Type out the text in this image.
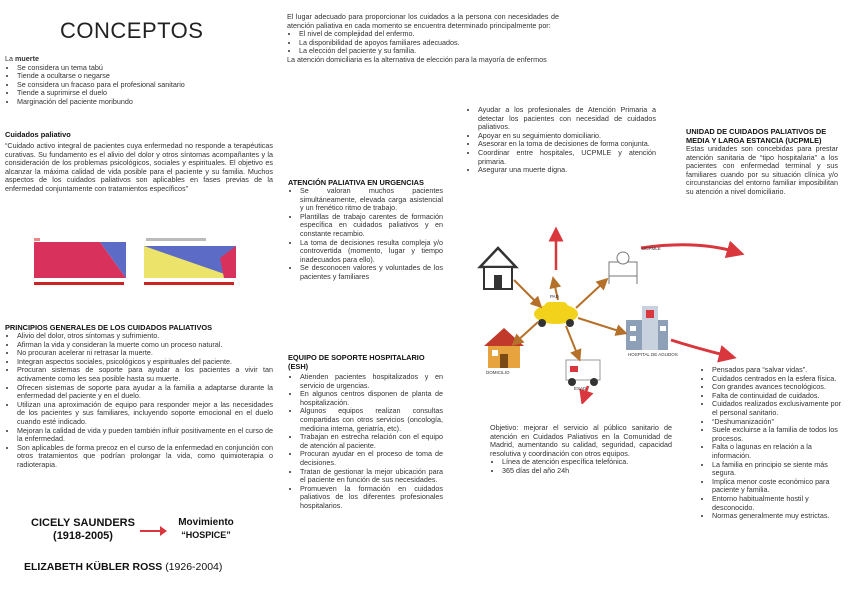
CONCEPTOS
La muerte
• Se considera un tema tabú
• Tiende a ocultarse o negarse
• Se considera un fracaso para el profesional sanitario
• Tiende a suprimirse el duelo
• Marginación del paciente moribundo
Cuidados paliativo
“Cuidado activo integral de pacientes cuya enfermedad no responde a terapéuticas curativas. Su fundamento es el alivio del dolor y otros síntomas acompañantes y la consideración de los problemas psicológicos, sociales y espirituales. El objetivo es alcanzar la máxima calidad de vida posible para el paciente y su familia. Muchos aspectos de los cuidados paliativos son aplicables en fases previas de la enfermedad conjuntamente con tratamientos específicos”
PRINCIPIOS GENERALES DE LOS CUIDADOS PALIATIVOS
• Alivio del dolor, otros síntomas y sufrimiento.
• Afirman la vida y consideran la muerte como un proceso natural.
• No procuran acelerar ni retrasar la muerte.
• Integran aspectos sociales, psicológicos y espirituales del paciente.
• Procuran sistemas de soporte para ayudar a los pacientes a vivir tan activamente como les sea posible hasta su muerte.
• Ofrecen sistemas de soporte para ayudar a la familia a adaptarse durante la enfermedad del paciente y en el duelo.
• Utilizan una aproximación de equipo para responder mejor a las necesidades de los pacientes y sus familiares, incluyendo soporte emocional en el duelo cuando esté indicado.
• Mejoran la calidad de vida y pueden también influir positivamente en el curso de la enfermedad.
• Son aplicables de forma precoz en el curso de la enfermedad en conjunción con otros tratamientos que podrían prolongar la vida, como quimioterapia o radioterapia.
CICELY SAUNDERS
(1918-2005)
Movimiento
“HOSPICE”
ELIZABETH KÜBLER ROSS (1926-2004)
El lugar adecuado para proporcionar los cuidados a la persona con necesidades de atención paliativa en cada momento se encuentra determinado principalmente por:
• El nivel de complejidad del enfermo.
• La disponibilidad de apoyos familiares adecuados.
• La elección del paciente y su familia.
La atención domiciliaria es la alternativa de elección para la mayoría de enfermos
ATENCIÓN PALIATIVA EN URGENCIAS
• Se valoran muchos pacientes simultáneamente, elevada carga asistencial y un frenético ritmo de trabajo.
• Plantillas de trabajo carentes de formación específica en cuidados paliativos y en constante recambio.
• La toma de decisiones resulta compleja y/o controvertida (momento, lugar y tiempo inadecuados para ello).
• Se desconocen valores y voluntades de los pacientes y familiares
EQUIPO DE SOPORTE HOSPITALARIO (ESH)
• Atienden pacientes hospitalizados y en servicio de urgencias.
• En algunos centros disponen de planta de hospitalización.
• Algunos equipos realizan consultas compartidas con otros servicios (oncología, medicina interna, geriatría, etc).
• Trabajan en estrecha relación con el equipo de atención al paciente.
• Procuran ayudar en el proceso de toma de decisiones.
• Tratan de gestionar la mejor ubicación para el paciente en función de sus necesidades.
• Promueven la formación en cuidados paliativos de los diferentes profesionales hospitalarios.
• Ayudar a los profesionales de Atención Primaria a detectar los pacientes con necesidad de cuidados paliativos.
• Apoyar en su seguimiento domiciliario.
• Asesorar en la toma de decisiones de forma conjunta.
• Coordinar entre hospitales, UCPMLE y atención primaria.
• Asegurar una muerte digna.
UNIDAD DE CUIDADOS PALIATIVOS DE MEDIA Y LARGA ESTANCIA (UCPMLE)
Estas unidades son concebidas para prestar atención sanitaria de “tipo hospitalaria” a los pacientes con enfermedad terminal y sus familiares cuando por su situación clínica y/o circunstancias del entorno familiar imposibilitan su atención a nivel domiciliario.
DOMICILIO
HOSPITAL DE AGUDOS
PAD
UCPMLE
ESAD
Objetivo: mejorar el servicio al público sanitario de atención en Cuidados Paliativos en la Comunidad de Madrid, aumentando su calidad, seguridad, capacidad resolutiva y coordinación con otros equipos.
• Línea de atención específica telefónica.
• 365 días del año 24h
• Pensados para “salvar vidas”.
• Cuidados centrados en la esfera física.
• Con grandes avances tecnológicos.
• Falta de continuidad de cuidados.
• Cuidados realizados exclusivamente por el personal sanitario.
• “Deshumanización”
• Suele excluirse a la familia de todos los procesos.
• Falta o lagunas en relación a la información.
• La familia en principio se siente más segura.
• Implica menor coste económico para paciente y familia.
• Entorno habitualmente hostil y desconocido.
• Normas generalmente muy estrictas.
